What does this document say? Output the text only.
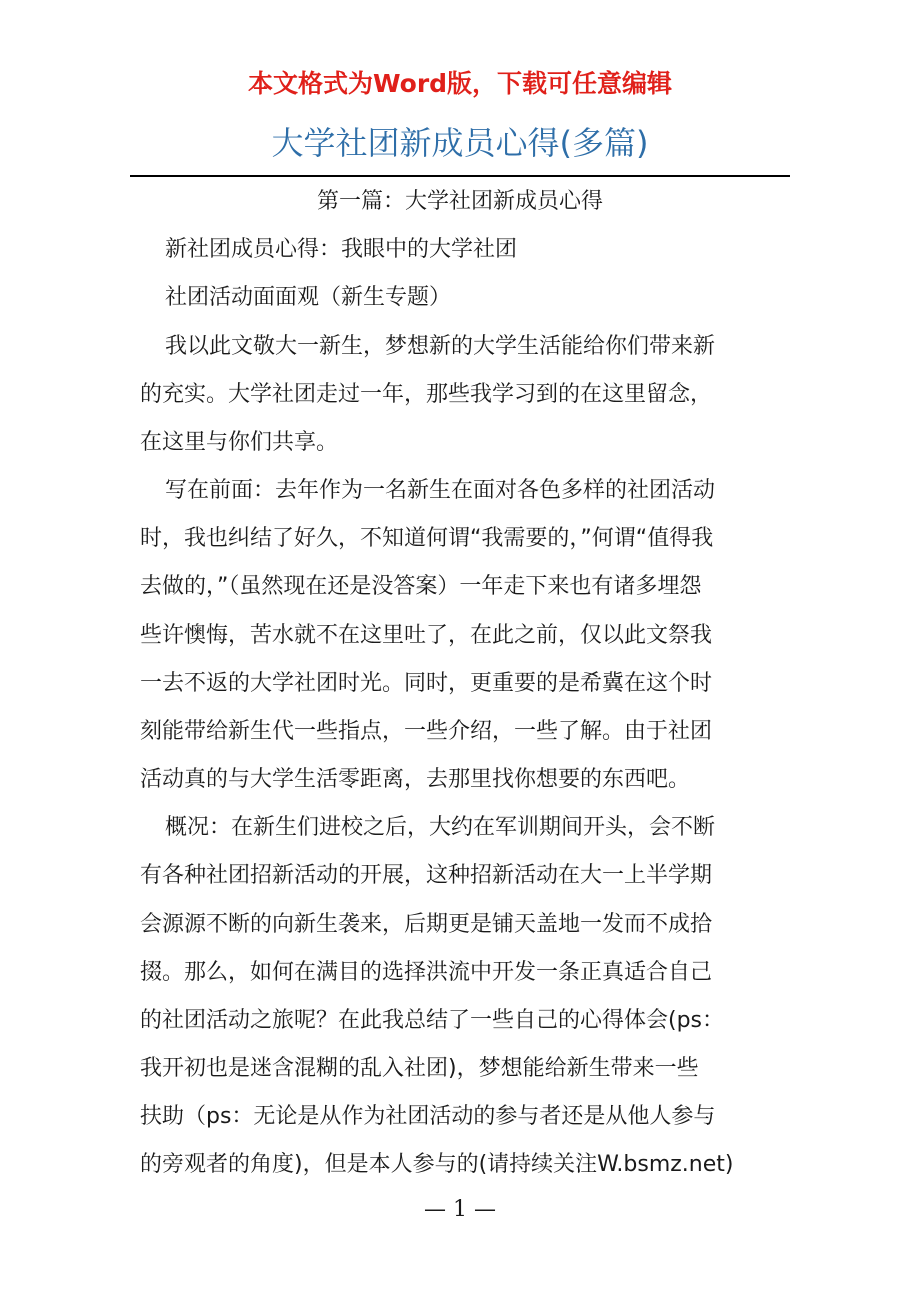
本文格式为Word版，下载可任意编辑
大学社团新成员心得(多篇)
第一篇：大学社团新成员心得
新社团成员心得：我眼中的大学社团
社团活动面面观（新生专题）
我以此文敬大一新生，梦想新的大学生活能给你们带来新
的充实。大学社团走过一年，那些我学习到的在这里留念，
在这里与你们共享。
写在前面：去年作为一名新生在面对各色多样的社团活动
时，我也纠结了好久，不知道何谓“我需要的，”何谓“值得我
去做的，”（虽然现在还是没答案）一年走下来也有诸多埋怨
些许懊悔，苦水就不在这里吐了，在此之前，仅以此文祭我
一去不返的大学社团时光。同时，更重要的是希冀在这个时
刻能带给新生代一些指点，一些介绍，一些了解。由于社团
活动真的与大学生活零距离，去那里找你想要的东西吧。
概况：在新生们进校之后，大约在军训期间开头，会不断
有各种社团招新活动的开展，这种招新活动在大一上半学期
会源源不断的向新生袭来，后期更是铺天盖地一发而不成拾
掇。那么，如何在满目的选择洪流中开发一条正真适合自己
的社团活动之旅呢？在此我总结了一些自己的心得体会(ps：
我开初也是迷含混糊的乱入社团)，梦想能给新生带来一些
扶助（ps：无论是从作为社团活动的参与者还是从他人参与
的旁观者的角度)，但是本人参与的(请持续关注W.bsmz.net)
— 1 —
